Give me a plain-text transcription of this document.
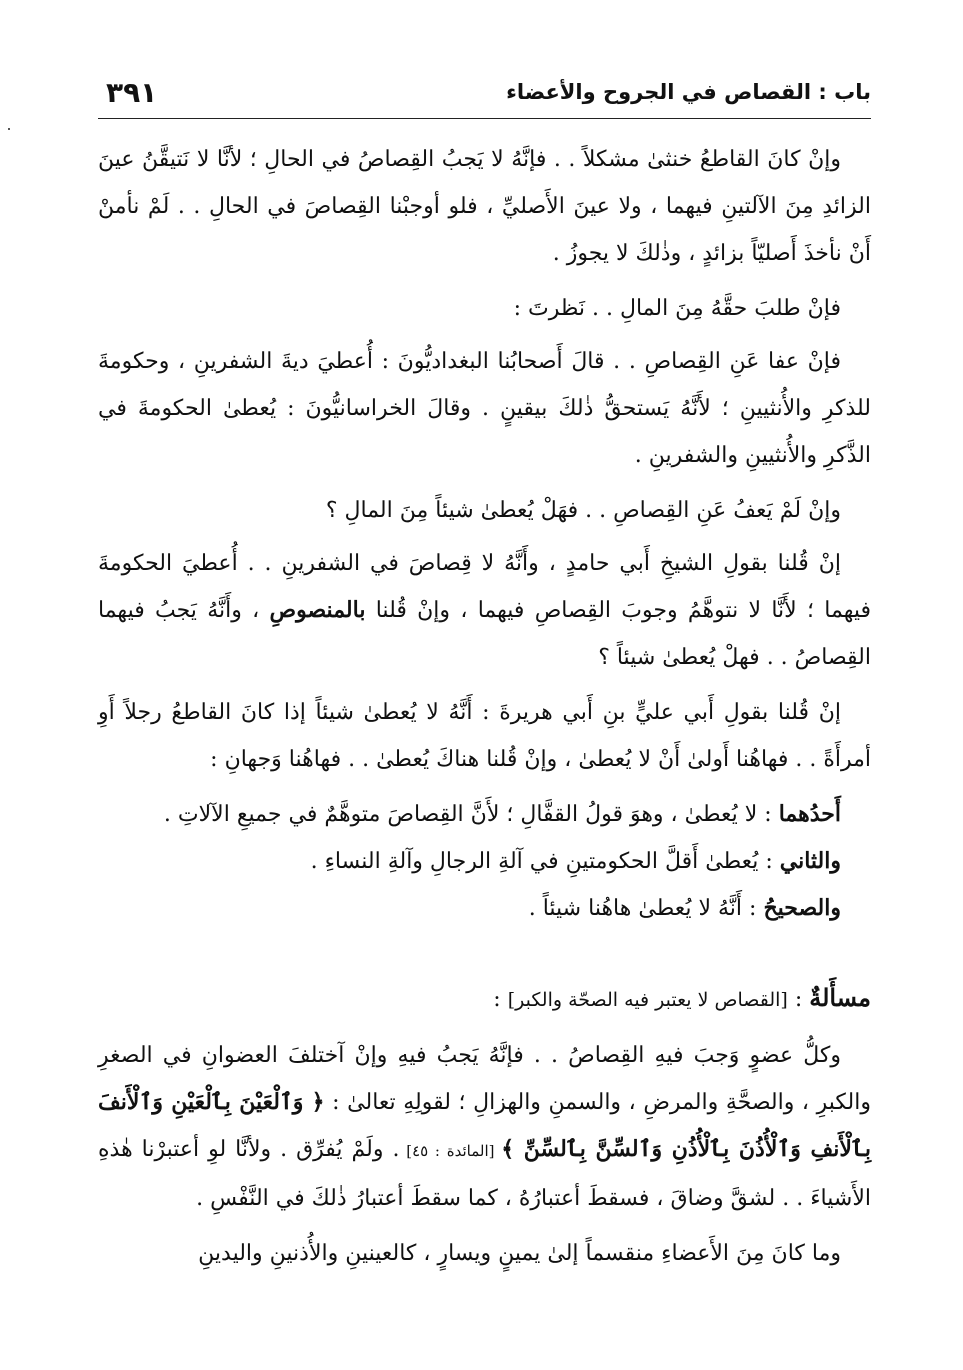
باب : القصاص في الجروح والأعضاء
٣٩١

وإنْ كانَ القاطعُ خنثىٰ مشكلاً . . فإنَّهُ لا يَجبُ القِصاصُ في الحالِ ؛ لأنَّا لا نَتيقَّنُ عينَ الزائدِ مِنَ الآلتينِ فيهما ، ولا عينَ الأَصليِّ ، فلو أوجبْنا القِصاصَ في الحالِ . . لَمْ نأمنْ أَنْ نأخذَ أَصليّاً بزائدٍ ، وذٰلكَ لا يجوزُ .

فإنْ طلبَ حقَّهُ مِنَ المالِ . . نَظرتَ :

فإنْ عفا عَنِ القِصاصِ . . قالَ أَصحابُنا البغداديُّونَ : أُعطيَ ديةَ الشفرينِ ، وحكومةَ للذكرِ والأُنثيينِ ؛ لأَنَّهُ يَستحقُّ ذٰلكَ بيقينٍ . وقالَ الخراسانيُّونَ : يُعطىٰ الحكومةَ في الذَّكرِ والأُنثيينِ والشفرينِ .

وإنْ لَمْ يَعفُ عَنِ القِصاصِ . . فهَلْ يُعطىٰ شيئاً مِنَ المالِ ؟

إنْ قُلنا بقولِ الشيخِ أَبي حامدٍ ، وأَنَّهُ لا قِصاصَ في الشفرينِ . . أُعطيَ الحكومةَ فيهما ؛ لأَنَّا لا نتوهَّمُ وجوبَ القِصاصِ فيهما ، وإنْ قُلنا بالمنصوصِ ، وأَنَّهُ يَجبُ فيهما القِصاصُ . . فهلْ يُعطىٰ شيئاً ؟

إنْ قُلنا بقولِ أَبي عليٍّ بنِ أَبي هريرةَ : أَنَّهُ لا يُعطىٰ شيئاً إذا كانَ القاطعُ رجلاً أَوِ أمرأَةً . . فهاهُنا أَولىٰ أَنْ لا يُعطىٰ ، وإنْ قُلنا هناكَ يُعطىٰ . . فهاهُنا وَجهانِ :

أَحدُهما : لا يُعطىٰ ، وهوَ قولُ القفَّالِ ؛ لأَنَّ القِصاصَ متوهَّمٌ في جميعِ الآلاتِ .

والثاني : يُعطىٰ أَقلَّ الحكومتينِ في آلةِ الرجالِ وآلةِ النساءِ .

والصحيحُ : أَنَّهُ لا يُعطىٰ هاهُنا شيئاً .

مسأَلةٌ : [القصاص لا يعتبر فيه الصحّة والكبر] :

وكلُّ عضوٍ وَجبَ فيهِ القِصاصُ . . فإنَّهُ يَجبُ فيهِ وإنْ آختلفَ العضوانِ في الصغرِ والكبرِ ، والصحَّةِ والمرضِ ، والسمنِ والهزالِ ؛ لقولِهِ تعالىٰ : ﴿ وَٱلْعَيْنَ بِٱلْعَيْنِ وَٱلْأَنفَ بِٱلْأَنفِ وَٱلْأُذُنَ بِٱلْأُذُنِ وَٱلسِّنَّ بِٱلسِّنِّ ﴾ [المائدة : ٤٥] . ولَمْ يُفرِّق . ولأنَّا لوِ أعتبرْنا هٰذهِ الأَشياءَ . . لشقَّ وضاقَ ، فسقطَ أعتبارُهُ ، كما سقطَ أعتبارُ ذٰلكَ في النَّفْسِ .

وما كانَ مِنَ الأَعضاءِ منقسماً إلىٰ يمينٍ ويسارٍ ، كالعينينِ والأُذنينِ واليدينِ
